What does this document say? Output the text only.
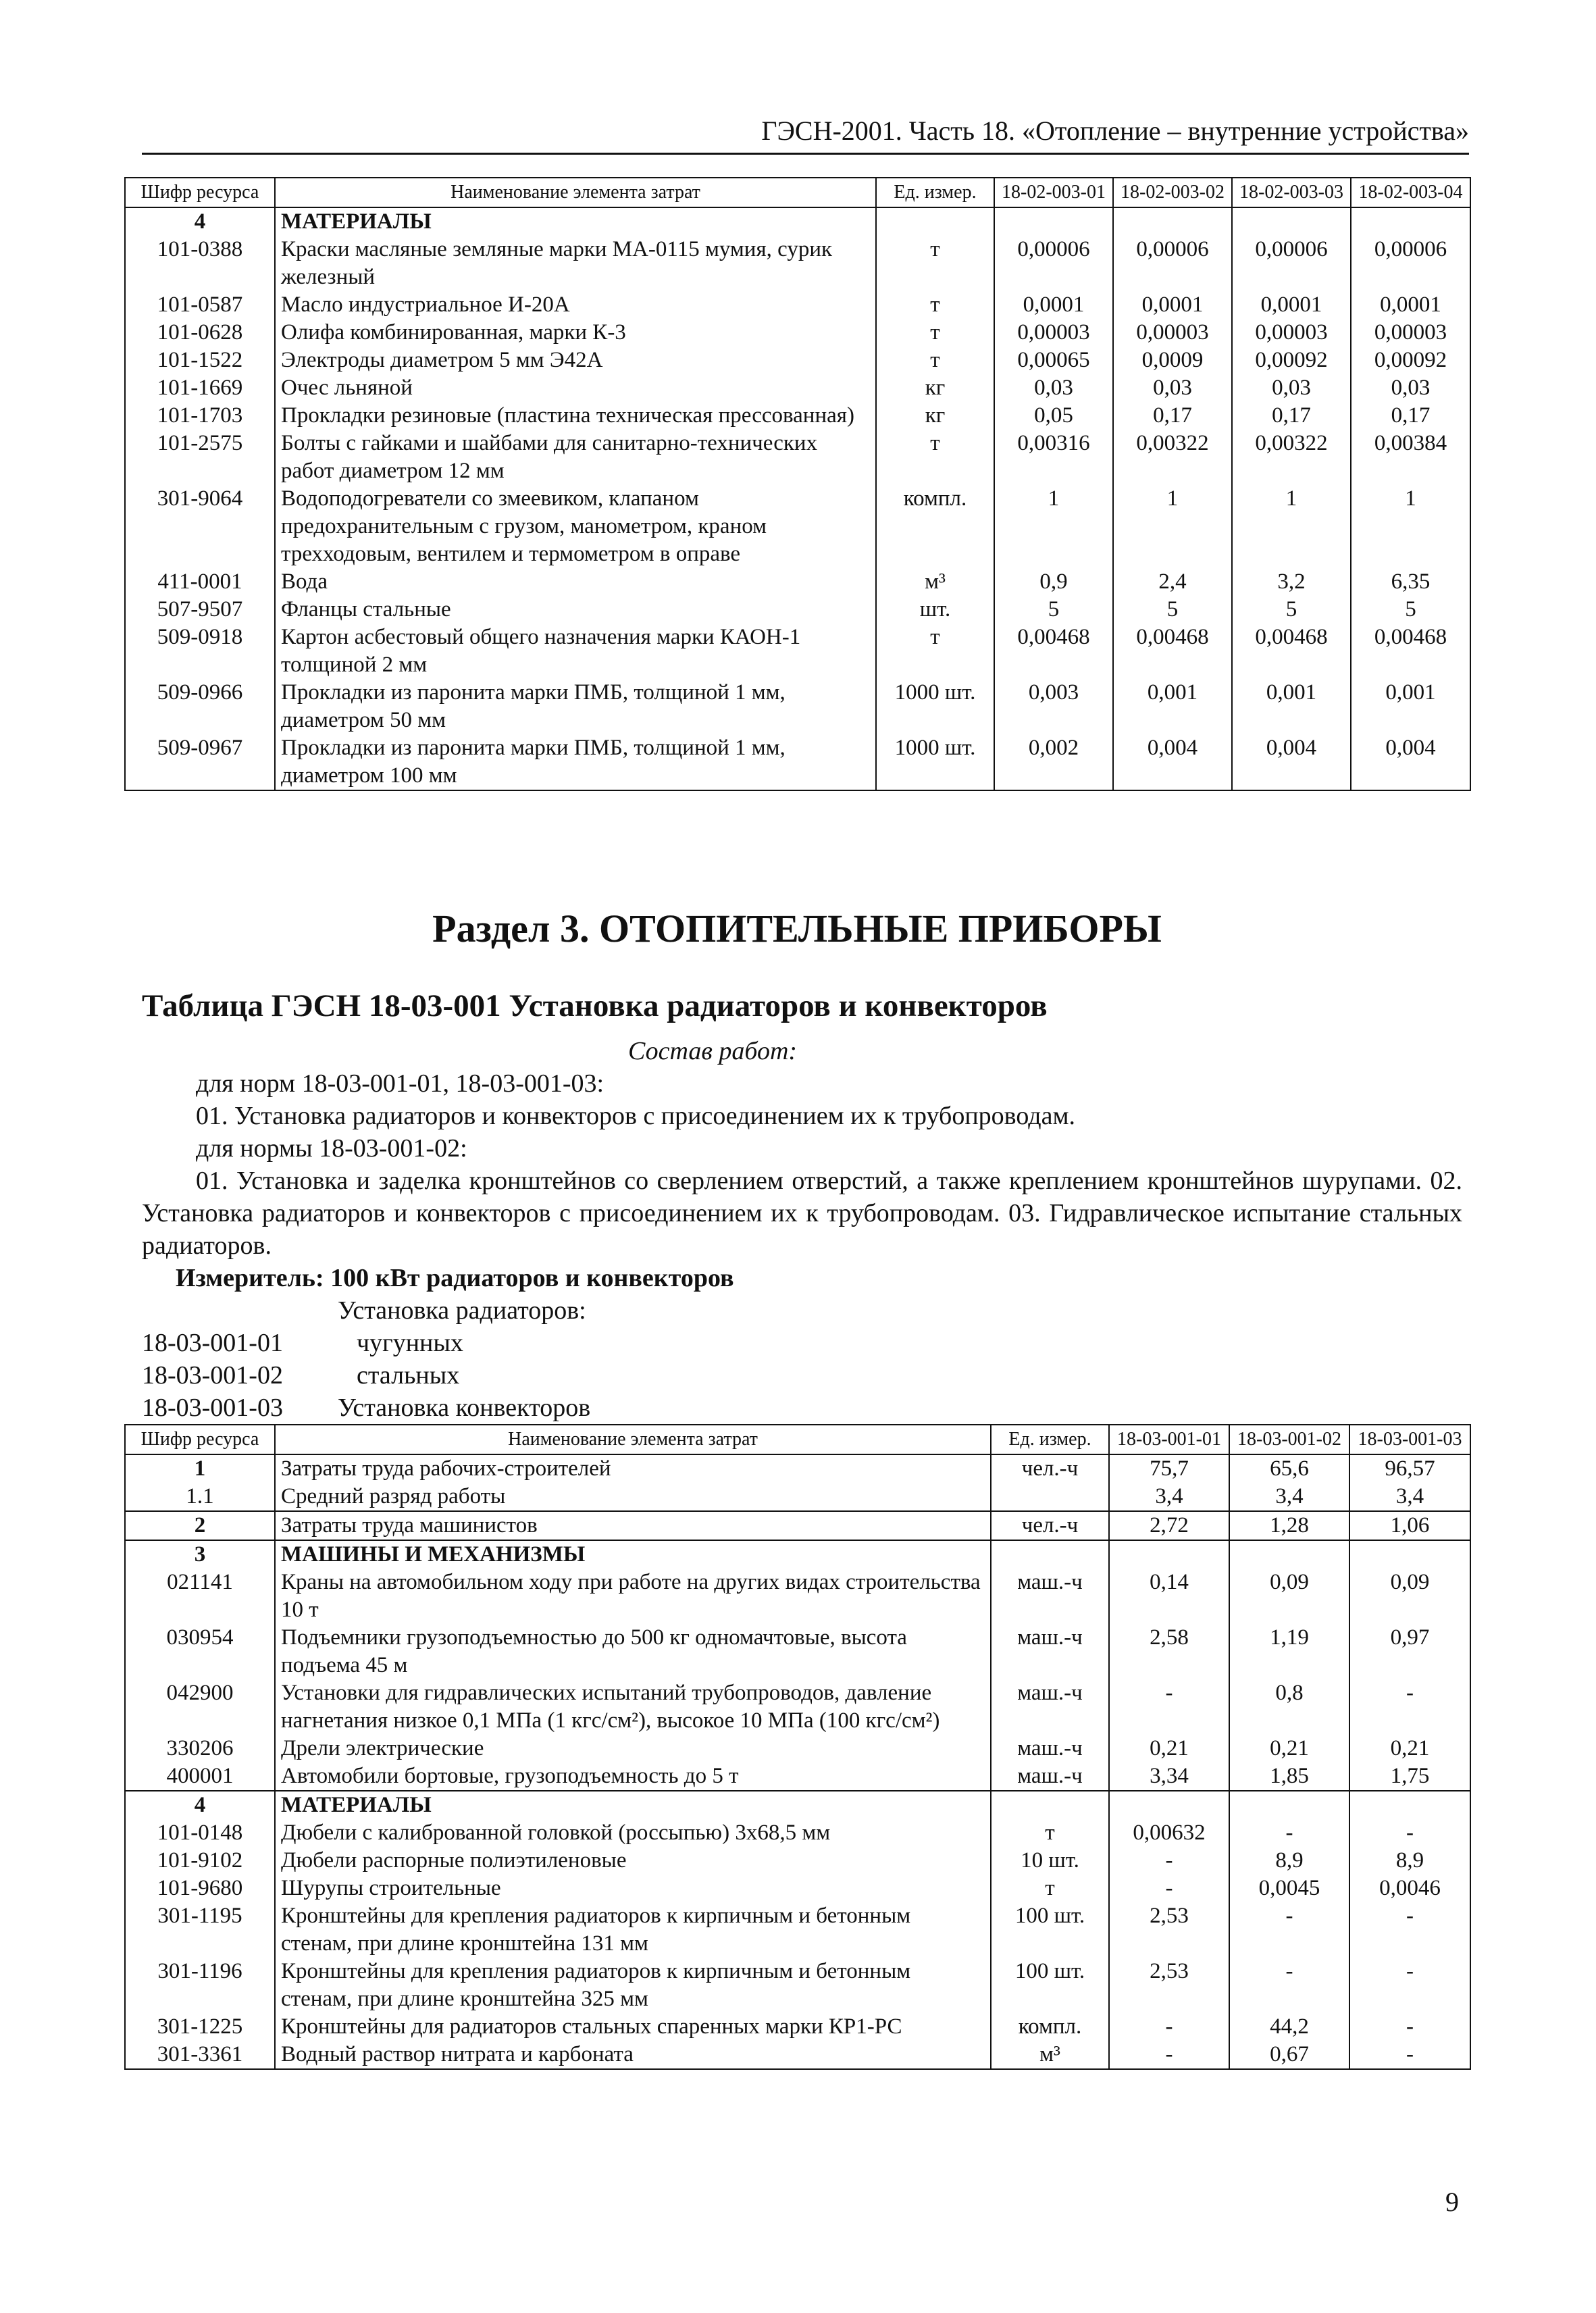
ГЭСН-2001. Часть 18. «Отопление – внутренние устройства»
Шифр ресурса	Наименование элемента затрат	Ед. измер.	18-02-003-01	18-02-003-02	18-02-003-03	18-02-003-04
4	МАТЕРИАЛЫ					
101-0388	Краски масляные земляные марки МА-0115 мумия, сурик железный	т	0,00006	0,00006	0,00006	0,00006
101-0587	Масло индустриальное И-20А	т	0,0001	0,0001	0,0001	0,0001
101-0628	Олифа комбинированная, марки К-3	т	0,00003	0,00003	0,00003	0,00003
101-1522	Электроды диаметром 5 мм Э42А	т	0,00065	0,0009	0,00092	0,00092
101-1669	Очес льняной	кг	0,03	0,03	0,03	0,03
101-1703	Прокладки резиновые (пластина техническая прессованная)	кг	0,05	0,17	0,17	0,17
101-2575	Болты с гайками и шайбами для санитарно-технических работ диаметром 12 мм	т	0,00316	0,00322	0,00322	0,00384
301-9064	Водоподогреватели со змеевиком, клапаном предохранительным с грузом, манометром, краном трехходовым, вентилем и термометром в оправе	компл.	1	1	1	1
411-0001	Вода	м³	0,9	2,4	3,2	6,35
507-9507	Фланцы стальные	шт.	5	5	5	5
509-0918	Картон асбестовый общего назначения марки КАОН-1 толщиной 2 мм	т	0,00468	0,00468	0,00468	0,00468
509-0966	Прокладки из паронита марки ПМБ, толщиной 1 мм, диаметром 50 мм	1000 шт.	0,003	0,001	0,001	0,001
509-0967	Прокладки из паронита марки ПМБ, толщиной 1 мм, диаметром 100 мм	1000 шт.	0,002	0,004	0,004	0,004
Раздел 3. ОТОПИТЕЛЬНЫЕ ПРИБОРЫ
Таблица ГЭСН 18-03-001 Установка радиаторов и конвекторов
Состав работ:
для норм 18-03-001-01, 18-03-001-03:
01. Установка радиаторов и конвекторов с присоединением их к трубопроводам.
для нормы 18-03-001-02:
01. Установка и заделка кронштейнов со сверлением отверстий, а также креплением кронштейнов шурупами. 02. Установка радиаторов и конвекторов с присоединением их к трубопроводам. 03. Гидравлическое испытание стальных радиаторов.
Измеритель: 100 кВт радиаторов и конвекторов
Установка радиаторов:
18-03-001-01	чугунных
18-03-001-02	стальных
18-03-001-03 Установка конвекторов
Шифр ресурса	Наименование элемента затрат	Ед. измер.	18-03-001-01	18-03-001-02	18-03-001-03
1	Затраты труда рабочих-строителей	чел.-ч	75,7	65,6	96,57
1.1	Средний разряд работы		3,4	3,4	3,4
2	Затраты труда машинистов	чел.-ч	2,72	1,28	1,06
3	МАШИНЫ И МЕХАНИЗМЫ				
021141	Краны на автомобильном ходу при работе на других видах строительства 10 т	маш.-ч	0,14	0,09	0,09
030954	Подъемники грузоподъемностью до 500 кг одномачтовые, высота подъема 45 м	маш.-ч	2,58	1,19	0,97
042900	Установки для гидравлических испытаний трубопроводов, давление нагнетания низкое 0,1 МПа (1 кгс/см²), высокое 10 МПа (100 кгс/см²)	маш.-ч	-	0,8	-
330206	Дрели электрические	маш.-ч	0,21	0,21	0,21
400001	Автомобили бортовые, грузоподъемность до 5 т	маш.-ч	3,34	1,85	1,75
4	МАТЕРИАЛЫ				
101-0148	Дюбели с калиброванной головкой (россыпью) 3х68,5 мм	т	0,00632	-	-
101-9102	Дюбели распорные полиэтиленовые	10 шт.	-	8,9	8,9
101-9680	Шурупы строительные	т	-	0,0045	0,0046
301-1195	Кронштейны для крепления радиаторов к кирпичным и бетонным стенам, при длине кронштейна 131 мм	100 шт.	2,53	-	-
301-1196	Кронштейны для крепления радиаторов к кирпичным и бетонным стенам, при длине кронштейна 325 мм	100 шт.	2,53	-	-
301-1225	Кронштейны для радиаторов стальных спаренных марки КР1-РС	компл.	-	44,2	-
301-3361	Водный раствор нитрата и карбоната	м³	-	0,67	-
9
